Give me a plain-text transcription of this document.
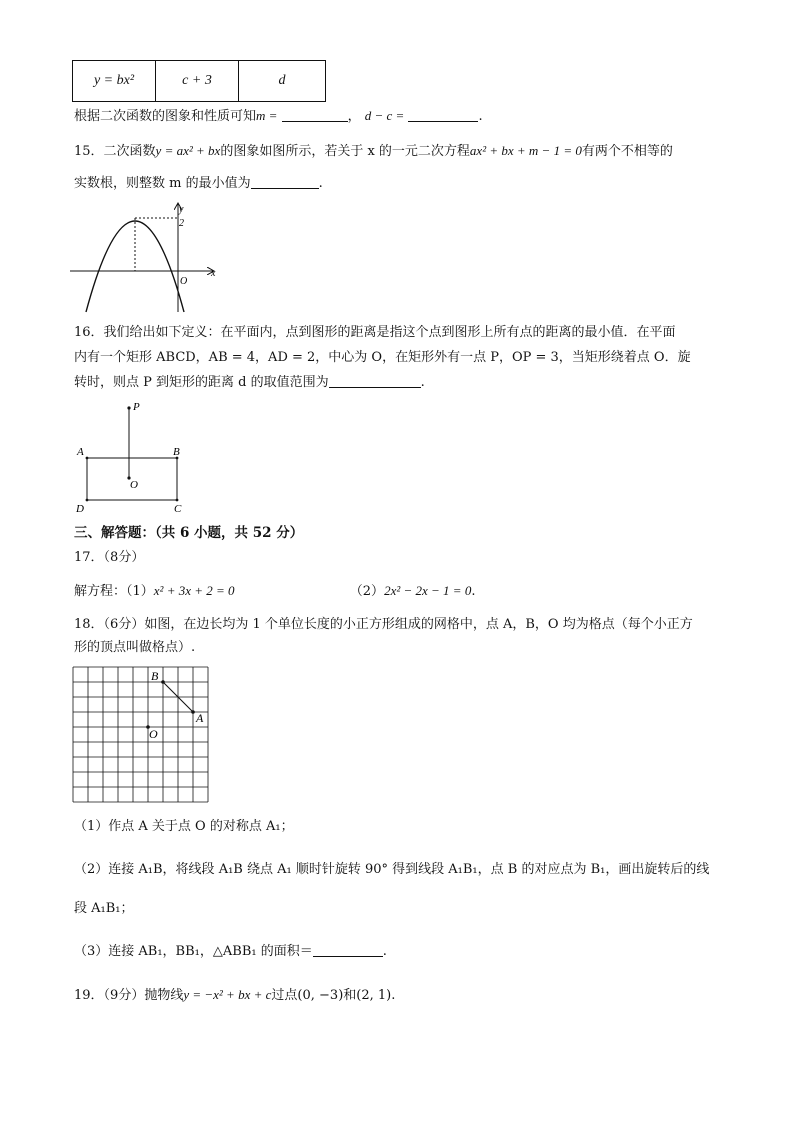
y = bx²	c + 3	d
根据二次函数的图象和性质可知m =	， d − c =	.
15．二次函数y = ax² + bx的图象如图所示，若关于 x 的一元二次方程ax² + bx + m − 1 = 0有两个不相等的
实数根，则整数 m 的最小值为	.
y
x
O
2
16．我们给出如下定义：在平面内，点到图形的距离是指这个点到图形上所有点的距离的最小值．在平面
内有一个矩形 ABCD，AB = 4，AD = 2，中心为 O，在矩形外有一点 P，OP = 3，当矩形绕着点 O．旋
转时，则点 P 到矩形的距离 d 的取值范围为	.
P
A	B
D	C
O
三、解答题：（共 6 小题，共 52 分）
17．（8分）
解方程：（1）x² + 3x + 2 = 0	（2）2x² − 2x − 1 = 0.
18．（6分）如图，在边长均为 1 个单位长度的小正方形组成的网格中，点 A，B，O 均为格点（每个小正方
形的顶点叫做格点）.
B
A
O
（1）作点 A 关于点 O 的对称点 A₁；
（2）连接 A₁B，将线段 A₁B 绕点 A₁ 顺时针旋转 90° 得到线段 A₁B₁，点 B 的对应点为 B₁，画出旋转后的线
段 A₁B₁；
（3）连接 AB₁，BB₁，△ABB₁ 的面积＝	.
19．（9分）抛物线y = −x² + bx + c过点(0, −3)和(2, 1).
